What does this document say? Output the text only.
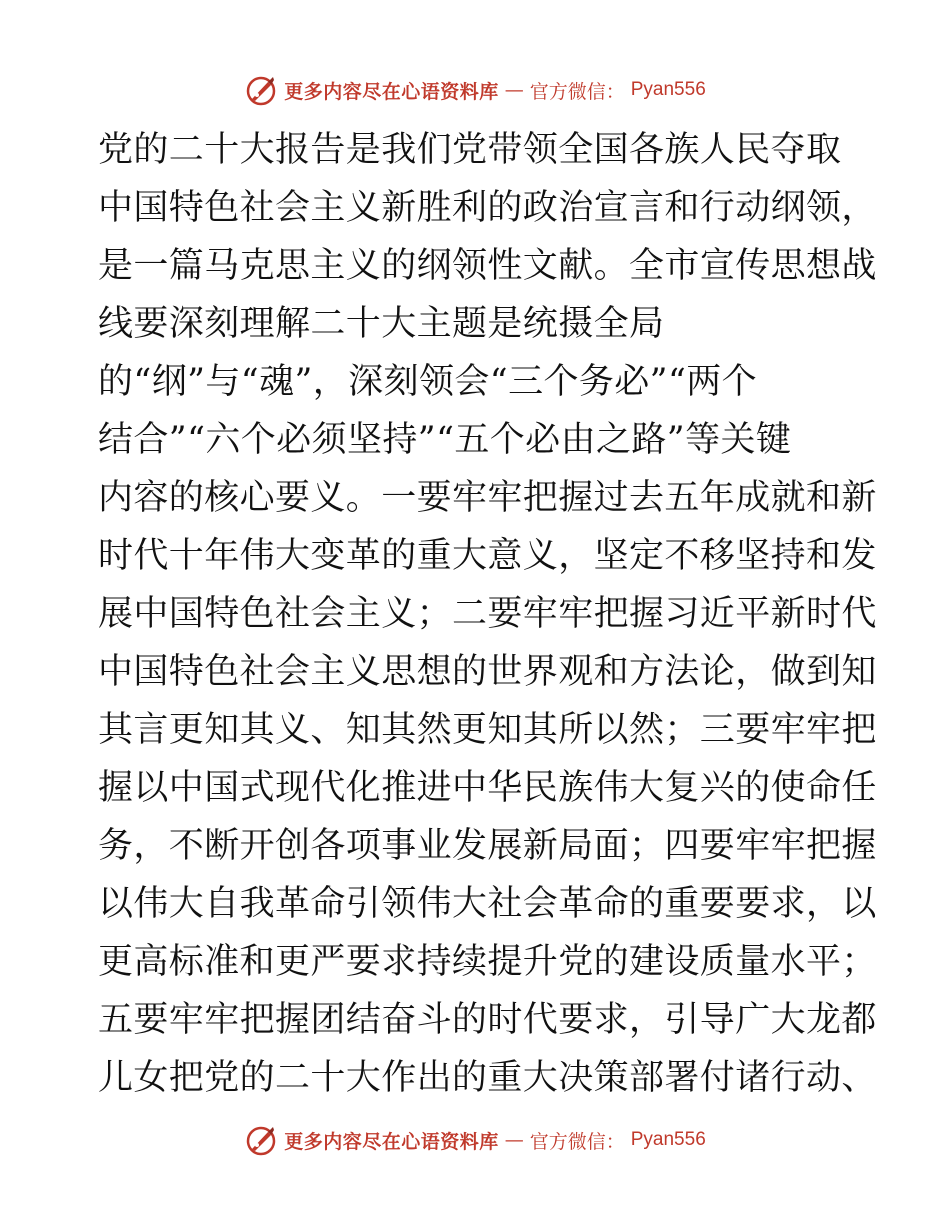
更多内容尽在心语资料库 — 官方微信： Pyan556
党的二十大报告是我们党带领全国各族人民夺取
中国特色社会主义新胜利的政治宣言和行动纲领，
是一篇马克思主义的纲领性文献。全市宣传思想战
线要深刻理解二十大主题是统摄全局
的“纲”与“魂”，深刻领会“三个务必”“两个
结合”“六个必须坚持”“五个必由之路”等关键
内容的核心要义。一要牢牢把握过去五年成就和新
时代十年伟大变革的重大意义，坚定不移坚持和发
展中国特色社会主义；二要牢牢把握习近平新时代
中国特色社会主义思想的世界观和方法论，做到知
其言更知其义、知其然更知其所以然；三要牢牢把
握以中国式现代化推进中华民族伟大复兴的使命任
务，不断开创各项事业发展新局面；四要牢牢把握
以伟大自我革命引领伟大社会革命的重要要求，以
更高标准和更严要求持续提升党的建设质量水平；
五要牢牢把握团结奋斗的时代要求，引导广大龙都
儿女把党的二十大作出的重大决策部署付诸行动、
更多内容尽在心语资料库 — 官方微信： Pyan556
